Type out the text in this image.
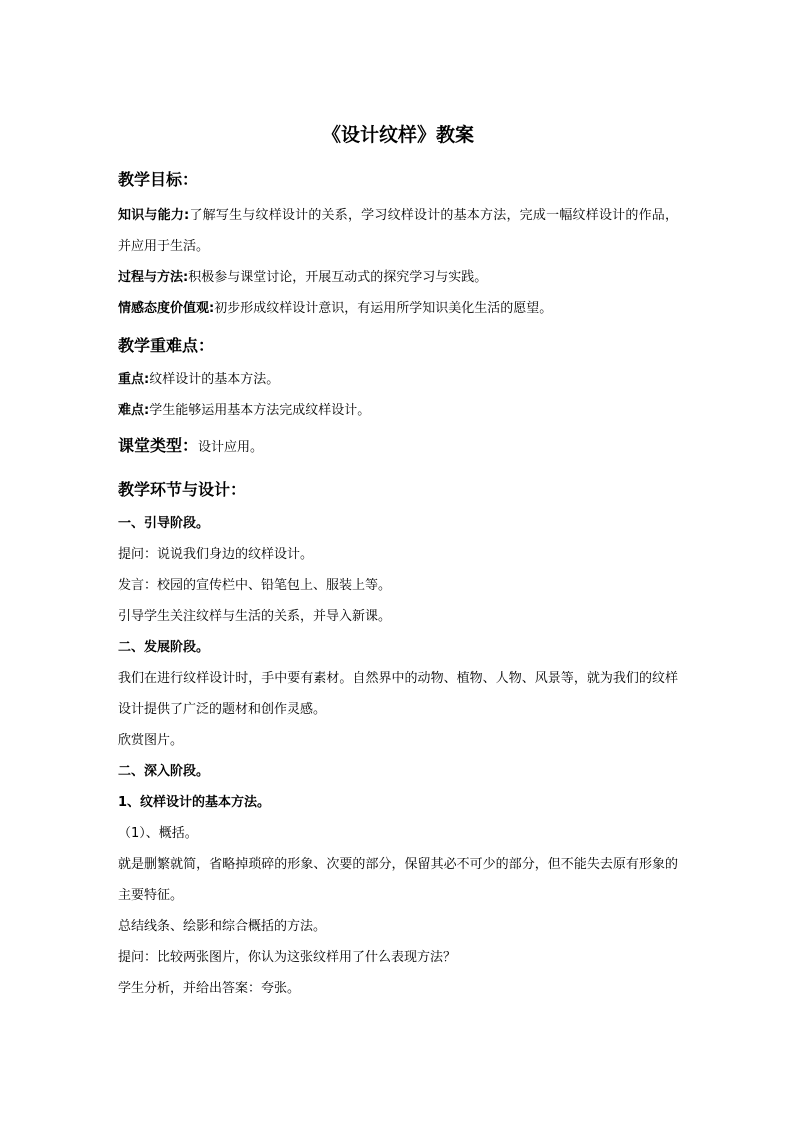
《设计纹样》教案
教学目标：

知识与能力:了解写生与纹样设计的关系，学习纹样设计的基本方法，完成一幅纹样设计的作品，并应用于生活。

过程与方法:积极参与课堂讨论，开展互动式的探究学习与实践。

情感态度价值观:初步形成纹样设计意识，有运用所学知识美化生活的愿望。

教学重难点：

重点:纹样设计的基本方法。

难点:学生能够运用基本方法完成纹样设计。

课堂类型：设计应用。
教学环节与设计：

一、引导阶段。

提问：说说我们身边的纹样设计。

发言：校园的宣传栏中、铅笔包上、服装上等。

引导学生关注纹样与生活的关系，并导入新课。

二、发展阶段。

我们在进行纹样设计时，手中要有素材。自然界中的动物、植物、人物、风景等，就为我们的纹样设计提供了广泛的题材和创作灵感。

欣赏图片。

二、深入阶段。

1、纹样设计的基本方法。

（1）、概括。

就是删繁就简，省略掉琐碎的形象、次要的部分，保留其必不可少的部分，但不能失去原有形象的主要特征。

总结线条、绘影和综合概括的方法。

提问：比较两张图片，你认为这张纹样用了什么表现方法？

学生分析，并给出答案：夸张。
